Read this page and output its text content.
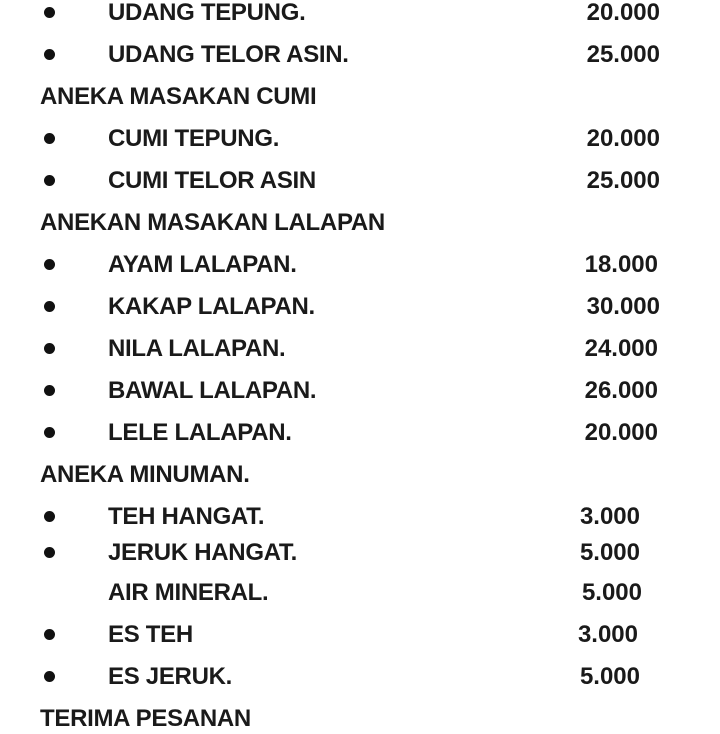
UDANG TEPUNG.	20.000
UDANG TELOR ASIN.	25.000
ANEKA MASAKAN CUMI
CUMI TEPUNG.	20.000
CUMI TELOR ASIN	25.000
ANEKAN MASAKAN LALAPAN
AYAM LALAPAN.	18.000
KAKAP LALAPAN.	30.000
NILA LALAPAN.	24.000
BAWAL LALAPAN.	26.000
LELE LALAPAN.	20.000
ANEKA MINUMAN.
TEH HANGAT.	3.000
JERUK HANGAT.	5.000
AIR MINERAL.	5.000
ES TEH	3.000
ES JERUK.	5.000
TERIMA PESANAN
